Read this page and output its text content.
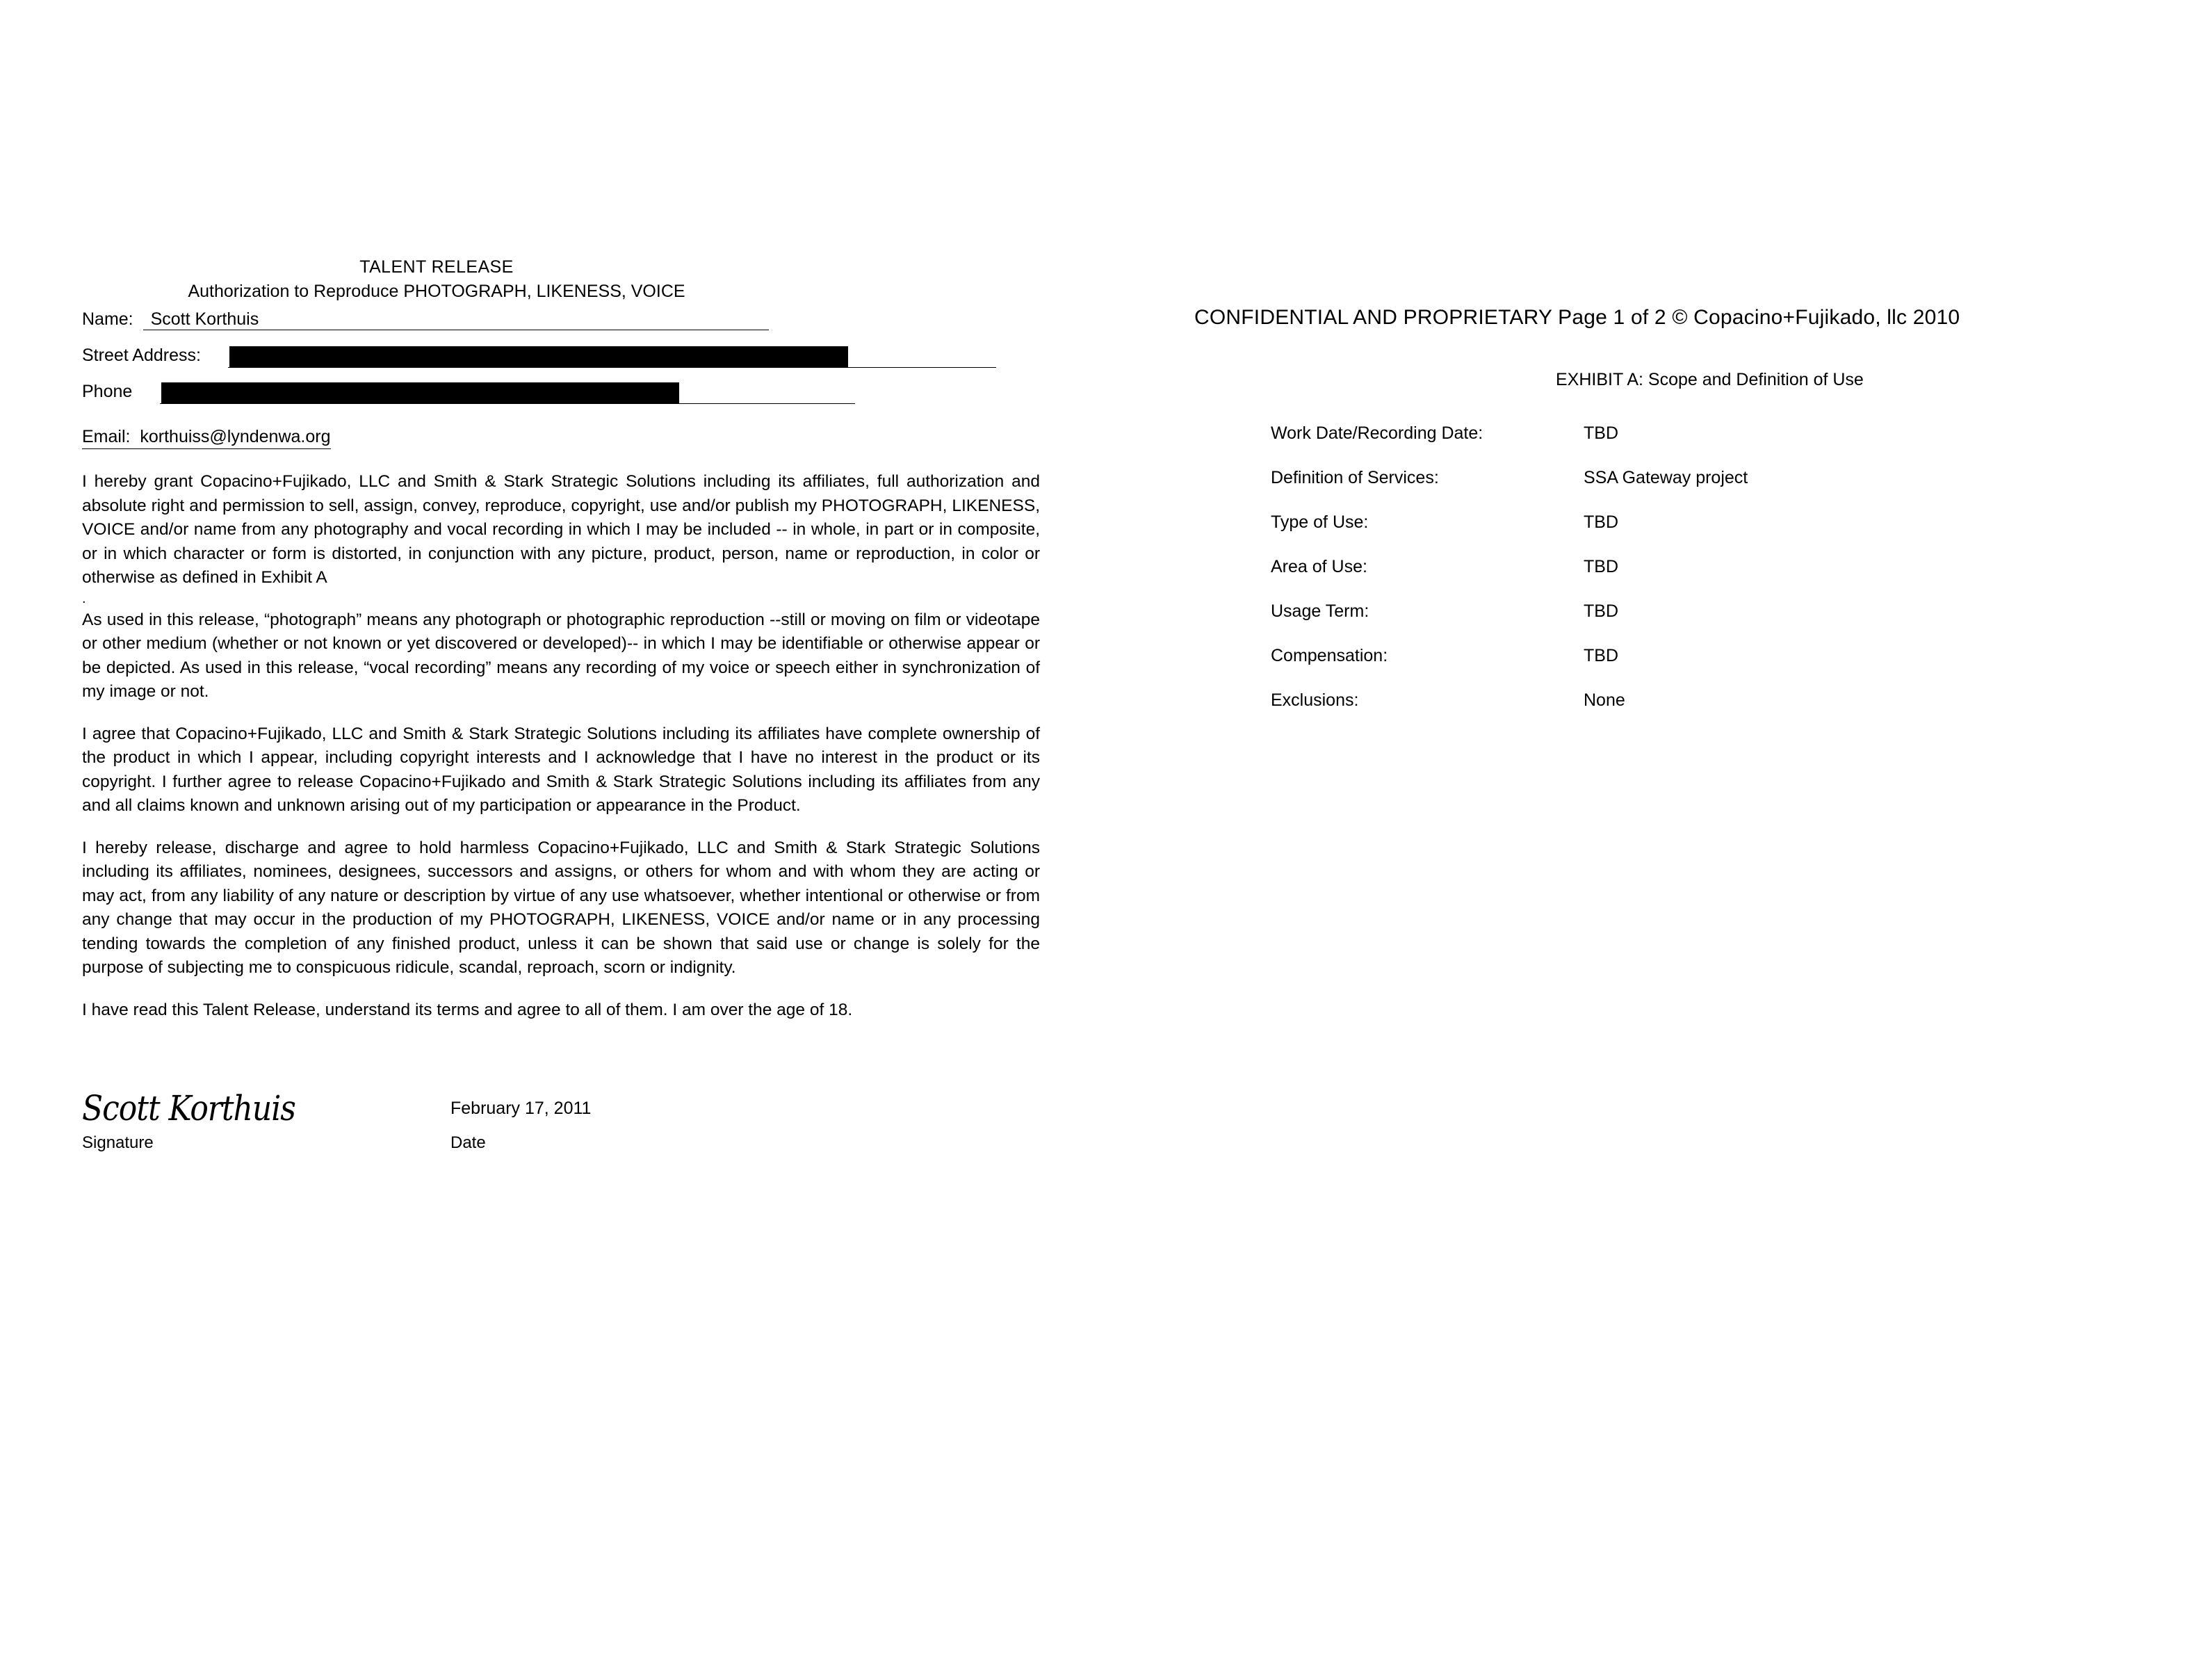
TALENT RELEASE
Authorization to Reproduce PHOTOGRAPH, LIKENESS, VOICE
Name: Scott Korthuis
Street Address:
Phone
Email: korthuiss@lyndenwa.org

I hereby grant Copacino+Fujikado, LLC and Smith & Stark Strategic Solutions including its affiliates, full authorization and absolute right and permission to sell, assign, convey, reproduce, copyright, use and/or publish my PHOTOGRAPH, LIKENESS, VOICE and/or name from any photography and vocal recording in which I may be included -- in whole, in part or in composite, or in which character or form is distorted, in conjunction with any picture, product, person, name or reproduction, in color or otherwise as defined in Exhibit A

.

As used in this release, “photograph” means any photograph or photographic reproduction --still or moving on film or videotape or other medium (whether or not known or yet discovered or developed)-- in which I may be identifiable or otherwise appear or be depicted. As used in this release, “vocal recording” means any recording of my voice or speech either in synchronization of my image or not.

I agree that Copacino+Fujikado, LLC and Smith & Stark Strategic Solutions including its affiliates have complete ownership of the product in which I appear, including copyright interests and I acknowledge that I have no interest in the product or its copyright. I further agree to release Copacino+Fujikado and Smith & Stark Strategic Solutions including its affiliates from any and all claims known and unknown arising out of my participation or appearance in the Product.

I hereby release, discharge and agree to hold harmless Copacino+Fujikado, LLC and Smith & Stark Strategic Solutions including its affiliates, nominees, designees, successors and assigns, or others for whom and with whom they are acting or may act, from any liability of any nature or description by virtue of any use whatsoever, whether intentional or otherwise or from any change that may occur in the production of my PHOTOGRAPH, LIKENESS, VOICE and/or name or in any processing tending towards the completion of any finished product, unless it can be shown that said use or change is solely for the purpose of subjecting me to conspicuous ridicule, scandal, reproach, scorn or indignity.

I have read this Talent Release, understand its terms and agree to all of them. I am over the age of 18.

Scott Korthuis	February 17, 2011
Signature	Date
CONFIDENTIAL AND PROPRIETARY Page 1 of 2 © Copacino+Fujikado, llc 2010
EXHIBIT A: Scope and Definition of Use
Work Date/Recording Date:	TBD
Definition of Services:	SSA Gateway project
Type of Use:	TBD
Area of Use:	TBD
Usage Term:	TBD
Compensation:	TBD
Exclusions:	None
